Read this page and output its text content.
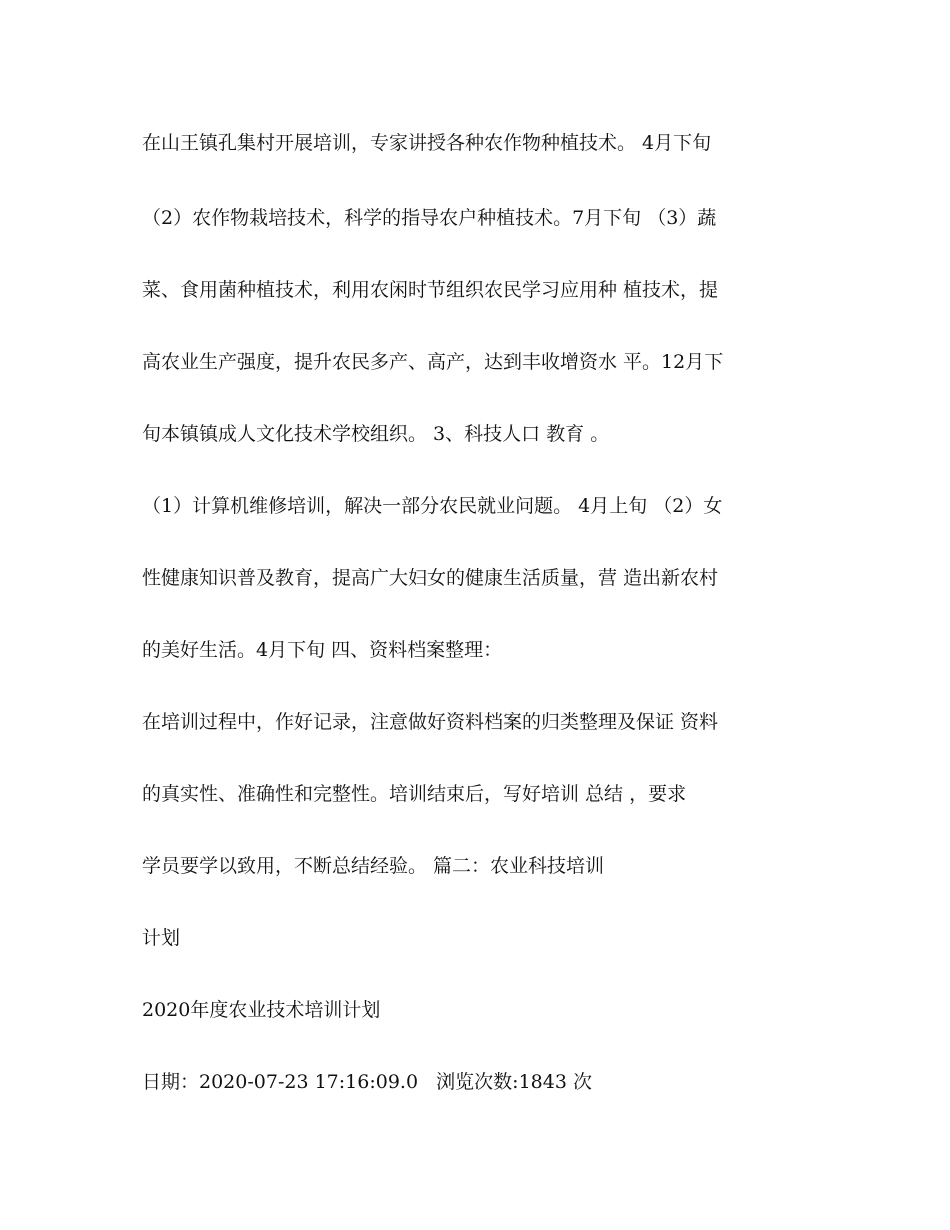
在山王镇孔集村开展培训，专家讲授各种农作物种植技术。 4月下旬
（2）农作物栽培技术，科学的指导农户种植技术。7月下旬 （3）蔬
菜、食用菌种植技术，利用农闲时节组织农民学习应用种 植技术，提
高农业生产强度，提升农民多产、高产，达到丰收增资水 平。12月下
旬本镇镇成人文化技术学校组织。 3、科技人口 教育 。
（1）计算机维修培训，解决一部分农民就业问题。 4月上旬 （2）女
性健康知识普及教育，提高广大妇女的健康生活质量，营 造出新农村
的美好生活。4月下旬 四、资料档案整理：
在培训过程中，作好记录，注意做好资料档案的归类整理及保证 资料
的真实性、准确性和完整性。培训结束后，写好培训 总结 ，要求
学员要学以致用，不断总结经验。 篇二：农业科技培训
计划
2020年度农业技术培训计划
日期：2020-07-23 17:16:09.0   浏览次数:1843 次
